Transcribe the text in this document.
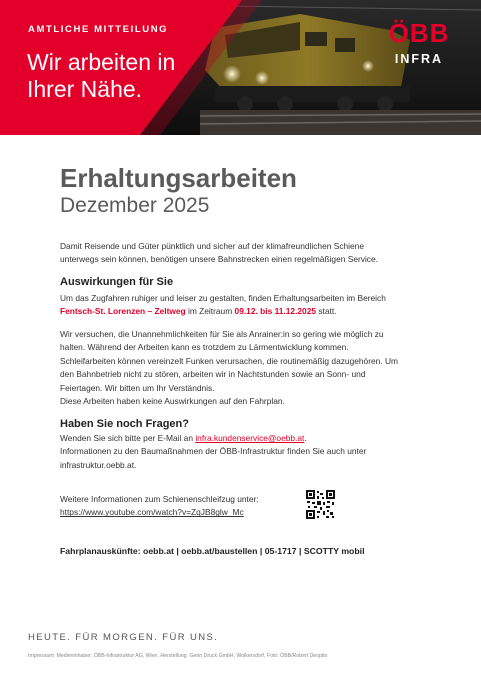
AMTLICHE MITTEILUNG
Wir arbeiten in
Ihrer Nähe.
ÖBB
INFRA
Erhaltungsarbeiten
Dezember 2025
Damit Reisende und Güter pünktlich und sicher auf der klimafreundlichen Schiene
unterwegs sein können, benötigen unsere Bahnstrecken einen regelmäßigen Service.
Auswirkungen für Sie
Um das Zugfahren ruhiger und leiser zu gestalten, finden Erhaltungsarbeiten im Bereich
Fentsch-St. Lorenzen – Zeltweg im Zeitraum 09.12. bis 11.12.2025 statt.
Wir versuchen, die Unannehmlichkeiten für Sie als Anrainer:in so gering wie möglich zu
halten. Während der Arbeiten kann es trotzdem zu Lärmentwicklung kommen.
Schleifarbeiten können vereinzelt Funken verursachen, die routinemäßig dazugehören. Um
den Bahnbetrieb nicht zu stören, arbeiten wir in Nachtstunden sowie an Sonn- und
Feiertagen. Wir bitten um Ihr Verständnis.
Diese Arbeiten haben keine Auswirkungen auf den Fahrplan.
Haben Sie noch Fragen?
Wenden Sie sich bitte per E-Mail an infra.kundenservice@oebb.at.
Informationen zu den Baumaßnahmen der ÖBB-Infrastruktur finden Sie auch unter
infrastruktur.oebb.at.
Weitere Informationen zum Schienenschleifzug unter:
https://www.youtube.com/watch?v=ZqJB8glw_Mc
Fahrplanauskünfte: oebb.at | oebb.at/baustellen | 05-1717 | SCOTTY mobil
HEUTE. FÜR MORGEN. FÜR UNS.
Impressum: Medieninhaber: ÖBB-Infrastruktur AG, Wien, Herstellung: Gerin Druck GmbH, Wolkersdorf, Foto: ÖBB/Robert Deopito
